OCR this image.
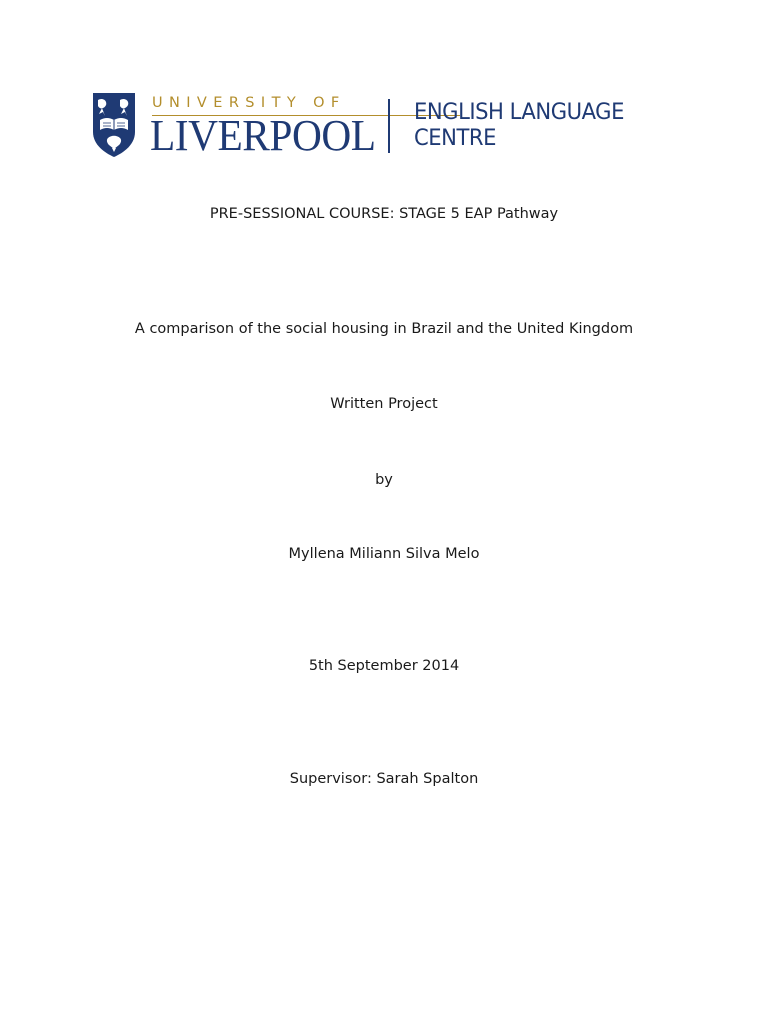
UNIVERSITY OF
LIVERPOOL ENGLISH LANGUAGE
CENTRE
PRE-SESSIONAL COURSE: STAGE 5 EAP Pathway
A comparison of the social housing in Brazil and the United Kingdom
Written Project
by
Myllena Miliann Silva Melo
5th September 2014
Supervisor: Sarah Spalton
